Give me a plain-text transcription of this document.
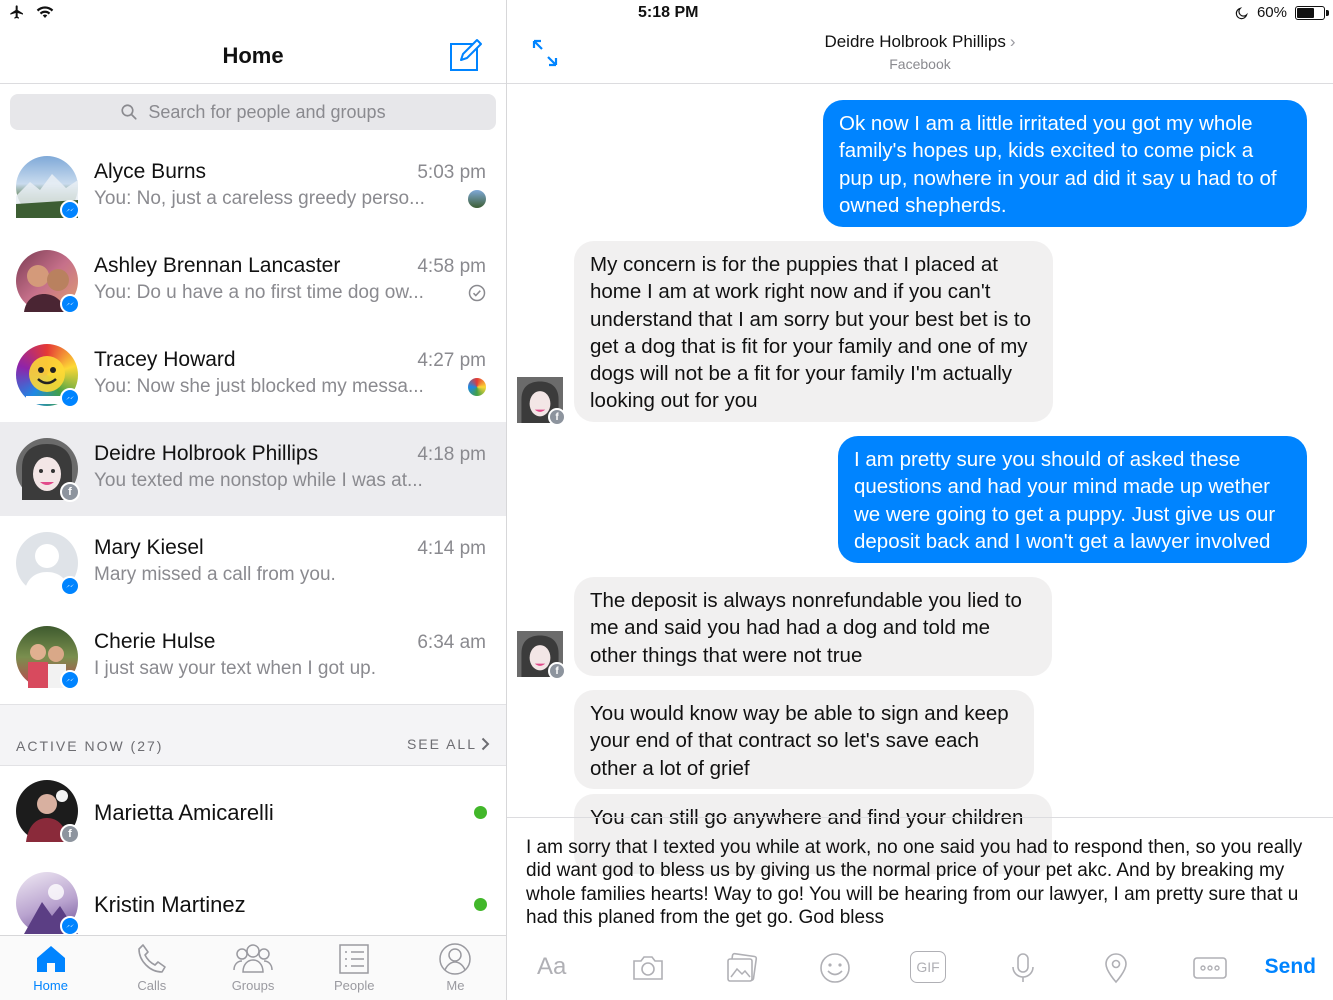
5:18 PM	60%
Home
Search for people and groups
Alyce Burns	5:03 pm
You: No, just a careless greedy perso...
Ashley Brennan Lancaster	4:58 pm
You: Do u have a no first time dog ow...
Tracey Howard	4:27 pm
You: Now she just blocked my messa...
f
Deidre Holbrook Phillips	4:18 pm
You texted me nonstop while I was at...
Mary Kiesel	4:14 pm
Mary missed a call from you.
Cherie Hulse	6:34 am
I just saw your text when I got up.
ACTIVE NOW (27)	SEE ALL
f
Marietta Amicarelli
Kristin Martinez
Home	Calls	Groups	People	Me
Deidre Holbrook Phillips ›
Facebook
Ok now I am a little irritated you got my whole family's hopes up, kids excited to come pick a pup up, nowhere in your ad did it say u had to of owned shepherds.
My concern is for the puppies that I placed at home I am at work right now and if you can't understand that I am sorry but your best bet is to get a dog that is fit for your family and one of my dogs will not be a fit for your family I'm actually looking out for you
f
I am pretty sure you should of asked these questions and had your mind made up wether we were going to get a puppy. Just give us our deposit back and I won't get a lawyer involved
The deposit is always nonrefundable you lied to me and said you had had a dog and told me other things that were not true
f
You would know way be able to sign and keep your end of that contract so let's save each other a lot of grief
You can still go anywhere and find your children
I am sorry that I texted you while at work, no one said you had to respond then, so you really did want god to bless us by giving us the normal price of your pet akc. And by breaking my whole families hearts! Way to go! You will be hearing from our lawyer, I am pretty sure that u had this planed from the get go. God bless
Aa	GIF	Send
